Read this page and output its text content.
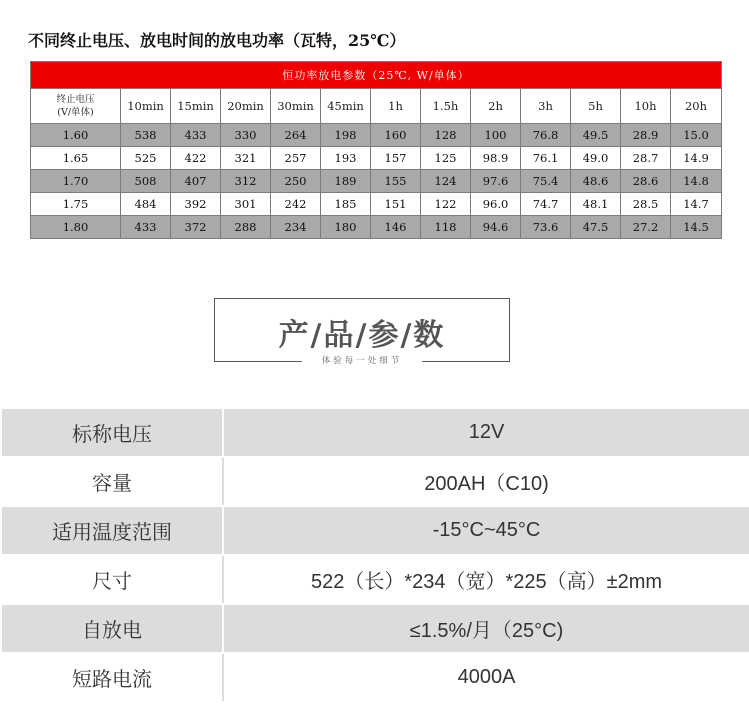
不同终止电压、放电时间的放电功率（瓦特，25℃）
恒功率放电参数（25℃, W/单体）												
终止电压
(V/单体)	10min	15min	20min	30min	45min	1h	1.5h	2h	3h	5h	10h	20h
1.60	538	433	330	264	198	160	128	100	76.8	49.5	28.9	15.0
1.65	525	422	321	257	193	157	125	98.9	76.1	49.0	28.7	14.9
1.70	508	407	312	250	189	155	124	97.6	75.4	48.6	28.6	14.8
1.75	484	392	301	242	185	151	122	96.0	74.7	48.1	28.5	14.7
1.80	433	372	288	234	180	146	118	94.6	73.6	47.5	27.2	14.5
产/品/参/数
体验每一处细节
标称电压	12V
容量	200AH（C10)
适用温度范围	-15°C~45°C
尺寸	522（长）*234（宽）*225（高）±2mm
自放电	≤1.5%/月（25°C)
短路电流	4000A
